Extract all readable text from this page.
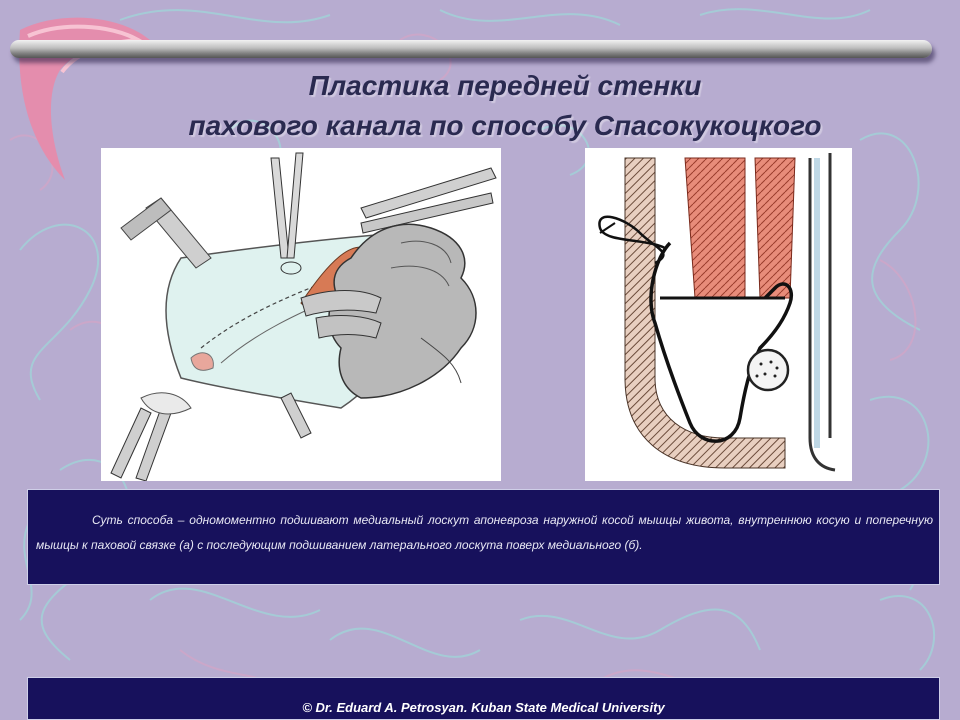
Пластика передней стенки
пахового канала по способу Спасокукоцкого

Суть способа – одномоментно подшивают медиальный лоскут апоневроза наружной косой мышцы живота, внутреннюю косую и поперечную мышцы к паховой связке (а) с последующим подшиванием латерального лоскута поверх медиального (б).

© Dr. Eduard A. Petrosyan. Kuban State Medical University
